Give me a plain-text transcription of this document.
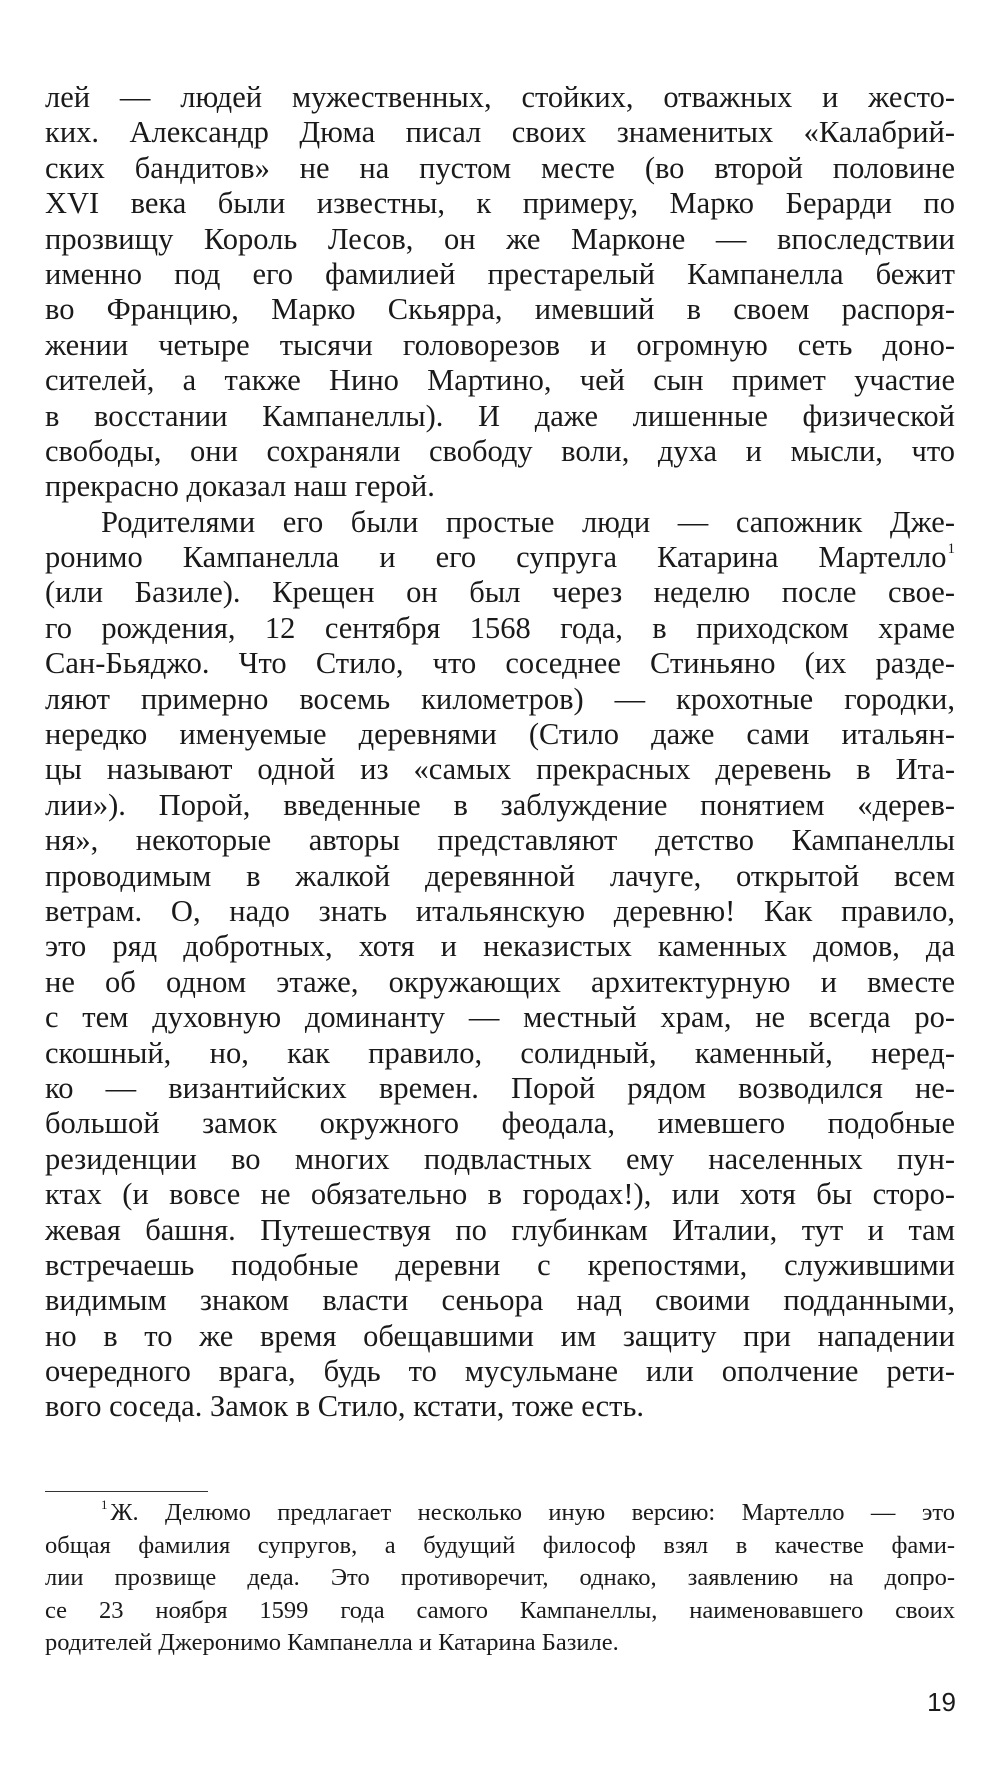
лей — людей мужественных, стойких, отважных и жесто-
ких. Александр Дюма писал своих знаменитых «Калабрий-
ских бандитов» не на пустом месте (во второй половине
XVI века были известны, к примеру, Марко Берарди по
прозвищу Король Лесов, он же Марконе — впоследствии
именно под его фамилией престарелый Кампанелла бежит
во Францию, Марко Скьярра, имевший в своем распоря-
жении четыре тысячи головорезов и огромную сеть доно-
сителей, а также Нино Мартино, чей сын примет участие
в восстании Кампанеллы). И даже лишенные физической
свободы, они сохраняли свободу воли, духа и мысли, что
прекрасно доказал наш герой.
Родителями его были простые люди — сапожник Дже-
ронимо Кампанелла и его супруга Катарина Мартелло$^1$
(или Базиле). Крещен он был через неделю после свое-
го рождения, 12 сентября 1568 года, в приходском храме
Сан-Бьяджо. Что Стило, что соседнее Стиньяно (их разде-
ляют примерно восемь километров) — крохотные городки,
нередко именуемые деревнями (Стило даже сами итальян-
цы называют одной из «самых прекрасных деревень в Ита-
лии»). Порой, введенные в заблуждение понятием «дерев-
ня», некоторые авторы представляют детство Кампанеллы
проводимым в жалкой деревянной лачуге, открытой всем
ветрам. О, надо знать итальянскую деревню! Как правило,
это ряд добротных, хотя и неказистых каменных домов, да
не об одном этаже, окружающих архитектурную и вместе
с тем духовную доминанту — местный храм, не всегда ро-
скошный, но, как правило, солидный, каменный, неред-
ко — византийских времен. Порой рядом возводился не-
большой замок окружного феодала, имевшего подобные
резиденции во многих подвластных ему населенных пун-
ктах (и вовсе не обязательно в городах!), или хотя бы сторо-
жевая башня. Путешествуя по глубинкам Италии, тут и там
встречаешь подобные деревни с крепостями, служившими
видимым знаком власти сеньора над своими подданными,
но в то же время обещавшими им защиту при нападении
очередного врага, будь то мусульмане или ополчение рети-
вого соседа. Замок в Стило, кстати, тоже есть.
$^1$ Ж. Делюмо предлагает несколько иную версию: Мартелло — это
общая фамилия супругов, а будущий философ взял в качестве фами-
лии прозвище деда. Это противоречит, однако, заявлению на допро-
се 23 ноября 1599 года самого Кампанеллы, наименовавшего своих
родителей Джеронимо Кампанелла и Катарина Базиле.
19
